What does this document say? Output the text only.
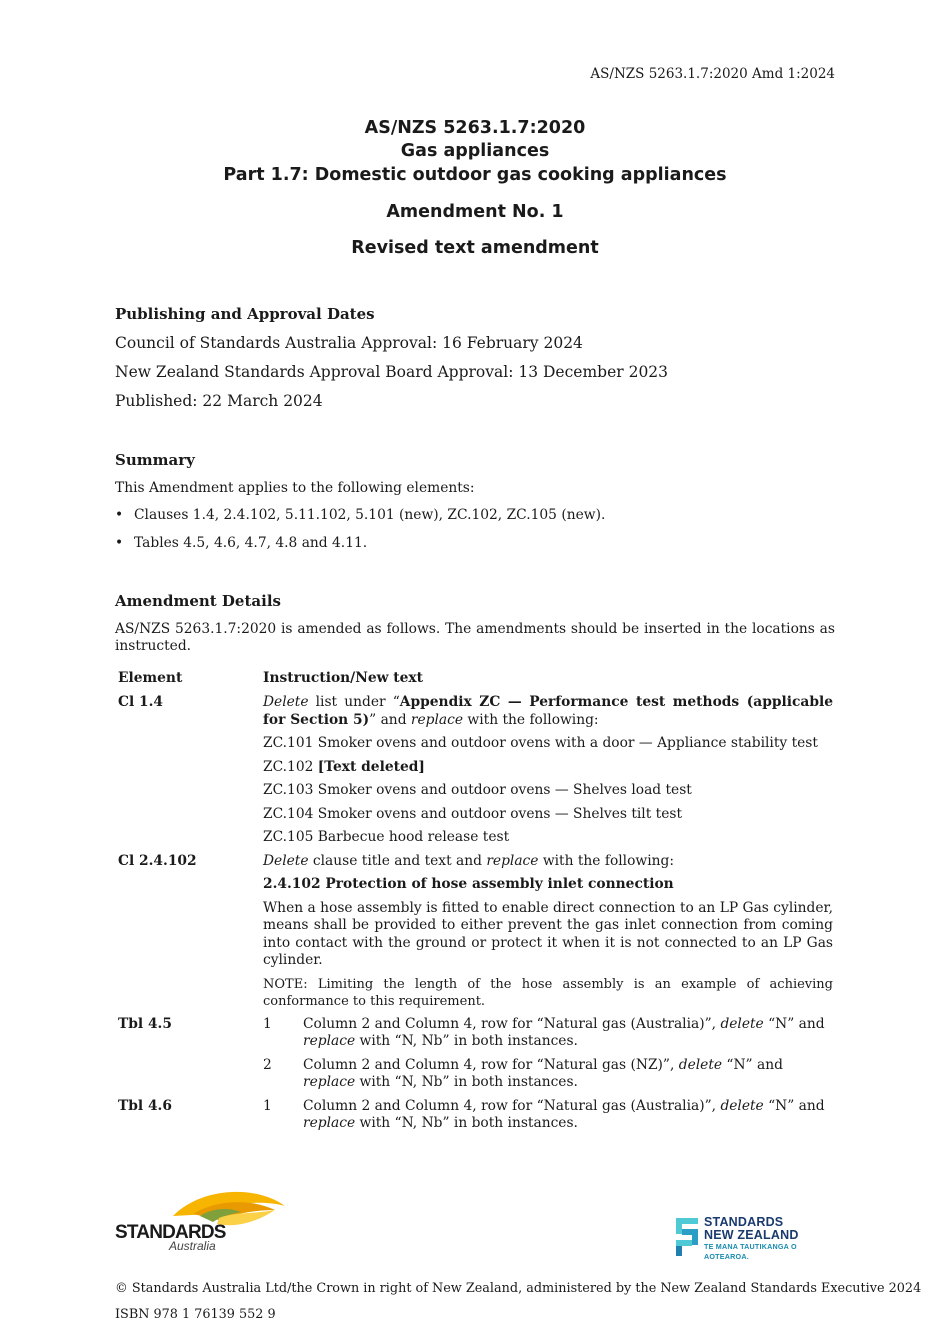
AS/NZS 5263.1.7:2020 Amd 1:2024
AS/NZS 5263.1.7:2020
Gas appliances
Part 1.7: Domestic outdoor gas cooking appliances
Amendment No. 1
Revised text amendment
Publishing and Approval Dates
Council of Standards Australia Approval: 16 February 2024
New Zealand Standards Approval Board Approval: 13 December 2023
Published: 22 March 2024
Summary
This Amendment applies to the following elements:
• Clauses 1.4, 2.4.102, 5.11.102, 5.101 (new), ZC.102, ZC.105 (new).
• Tables 4.5, 4.6, 4.7, 4.8 and 4.11.
Amendment Details
AS/NZS 5263.1.7:2020 is amended as follows. The amendments should be inserted in the locations as instructed.
Element	Instruction/New text
Cl 1.4	Delete list under “Appendix ZC — Performance test methods (applicable for Section 5)” and replace with the following:

ZC.101 Smoker ovens and outdoor ovens with a door — Appliance stability test

ZC.102 [Text deleted]

ZC.103 Smoker ovens and outdoor ovens — Shelves load test

ZC.104 Smoker ovens and outdoor ovens — Shelves tilt test

ZC.105 Barbecue hood release test

Cl 2.4.102	Delete clause title and text and replace with the following:

2.4.102 Protection of hose assembly inlet connection

When a hose assembly is fitted to enable direct connection to an LP Gas cylinder, means shall be provided to either prevent the gas inlet connection from coming into contact with the ground or protect it when it is not connected to an LP Gas cylinder.

NOTE: Limiting the length of the hose assembly is an example of achieving conformance to this requirement.

Tbl 4.5	1 Column 2 and Column 4, row for “Natural gas (Australia)”, delete “N” and replace with “N, Nb” in both instances.
2 Column 2 and Column 4, row for “Natural gas (NZ)”, delete “N” and replace with “N, Nb” in both instances.
Tbl 4.6	1 Column 2 and Column 4, row for “Natural gas (Australia)”, delete “N” and replace with “N, Nb” in both instances.
STANDARDS
Australia
STANDARDS
NEW ZEALAND
TE MANA TAUTIKANGA O AOTEAROA.
© Standards Australia Ltd/the Crown in right of New Zealand, administered by the New Zealand Standards Executive 2024
ISBN 978 1 76139 552 9
